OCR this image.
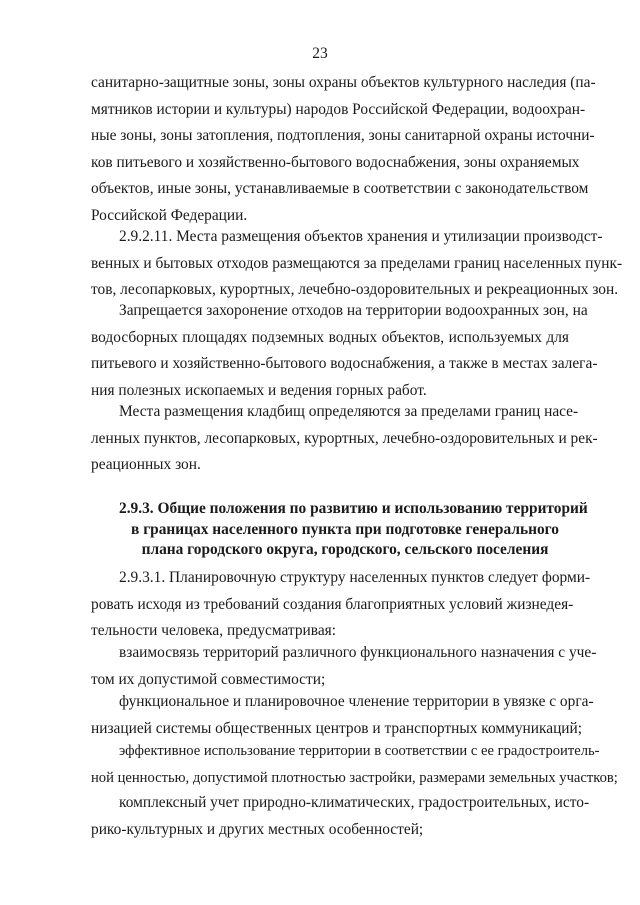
23
санитарно-защитные зоны, зоны охраны объектов культурного наследия (па-
мятников истории и культуры) народов Российской Федерации, водоохран-
ные зоны, зоны затопления, подтопления, зоны санитарной охраны источни-
ков питьевого и хозяйственно-бытового водоснабжения, зоны охраняемых
объектов, иные зоны, устанавливаемые в соответствии с законодательством
Российской Федерации.
2.9.2.11. Места размещения объектов хранения и утилизации производст-
венных и бытовых отходов размещаются за пределами границ населенных пунк-
тов, лесопарковых, курортных, лечебно-оздоровительных и рекреационных зон.
Запрещается захоронение отходов на территории водоохранных зон, на
водосборных площадях подземных водных объектов, используемых для
питьевого и хозяйственно-бытового водоснабжения, а также в местах залега-
ния полезных ископаемых и ведения горных работ.
Места размещения кладбищ определяются за пределами границ насе-
ленных пунктов, лесопарковых, курортных, лечебно-оздоровительных и рек-
реационных зон.
2.9.3. Общие положения по развитию и использованию территорий
в границах населенного пункта при подготовке генерального
плана городского округа, городского, сельского поселения
2.9.3.1. Планировочную структуру населенных пунктов следует форми-
ровать исходя из требований создания благоприятных условий жизнедея-
тельности человека, предусматривая:
взаимосвязь территорий различного функционального назначения с уче-
том их допустимой совместимости;
функциональное и планировочное членение территории в увязке с орга-
низацией системы общественных центров и транспортных коммуникаций;
эффективное использование территории в соответствии с ее градостроитель-
ной ценностью, допустимой плотностью застройки, размерами земельных участков;
комплексный учет природно-климатических, градостроительных, исто-
рико-культурных и других местных особенностей;
